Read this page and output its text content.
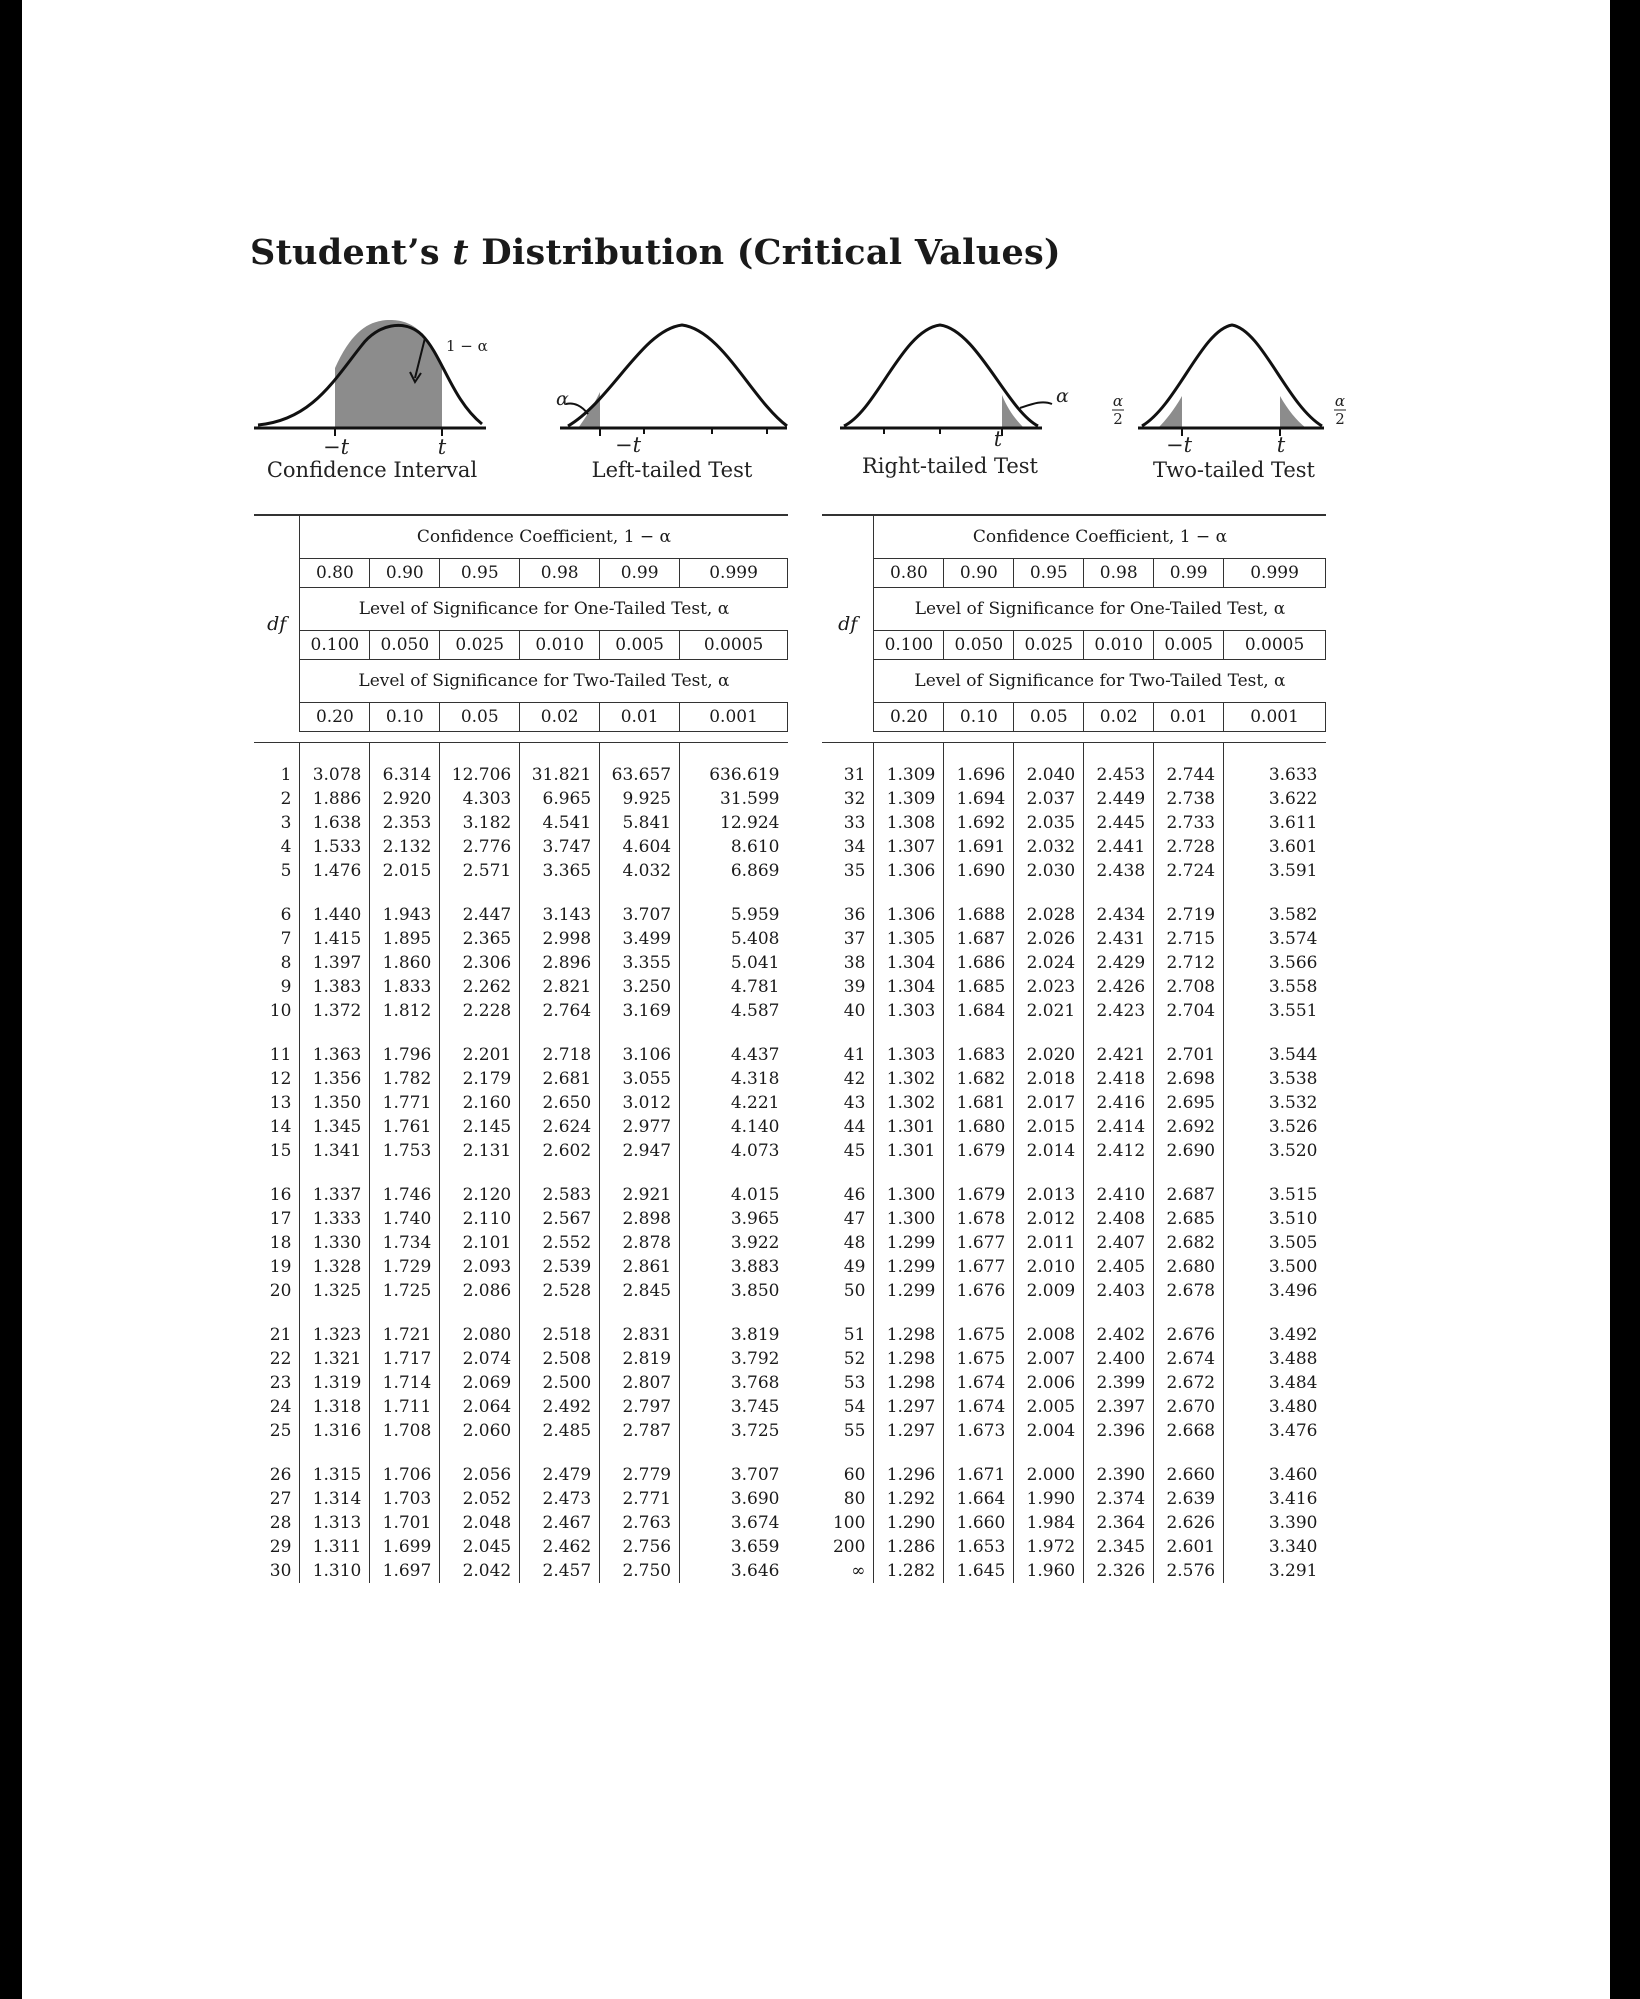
Student’s t Distribution (Critical Values)
1 − α
−t	t
Confidence Interval
α
−t
Left-tailed Test
α
t
Right-tailed Test
α
2
α
2
−t	t
Two-tailed Test
df	Confidence Coefficient, 1 − α					
	0.80	0.90	0.95	0.98	0.99	0.999
	Level of Significance for One-Tailed Test, α					
	0.100	0.050	0.025	0.010	0.005	0.0005
	Level of Significance for Two-Tailed Test, α					
	0.20	0.10	0.05	0.02	0.01	0.001

1	3.078	6.314	12.706	31.821	63.657	636.619
2	1.886	2.920	4.303	6.965	9.925	31.599
3	1.638	2.353	3.182	4.541	5.841	12.924
4	1.533	2.132	2.776	3.747	4.604	8.610
5	1.476	2.015	2.571	3.365	4.032	6.869

6	1.440	1.943	2.447	3.143	3.707	5.959
7	1.415	1.895	2.365	2.998	3.499	5.408
8	1.397	1.860	2.306	2.896	3.355	5.041
9	1.383	1.833	2.262	2.821	3.250	4.781
10	1.372	1.812	2.228	2.764	3.169	4.587

11	1.363	1.796	2.201	2.718	3.106	4.437
12	1.356	1.782	2.179	2.681	3.055	4.318
13	1.350	1.771	2.160	2.650	3.012	4.221
14	1.345	1.761	2.145	2.624	2.977	4.140
15	1.341	1.753	2.131	2.602	2.947	4.073

16	1.337	1.746	2.120	2.583	2.921	4.015
17	1.333	1.740	2.110	2.567	2.898	3.965
18	1.330	1.734	2.101	2.552	2.878	3.922
19	1.328	1.729	2.093	2.539	2.861	3.883
20	1.325	1.725	2.086	2.528	2.845	3.850

21	1.323	1.721	2.080	2.518	2.831	3.819
22	1.321	1.717	2.074	2.508	2.819	3.792
23	1.319	1.714	2.069	2.500	2.807	3.768
24	1.318	1.711	2.064	2.492	2.797	3.745
25	1.316	1.708	2.060	2.485	2.787	3.725

26	1.315	1.706	2.056	2.479	2.779	3.707
27	1.314	1.703	2.052	2.473	2.771	3.690
28	1.313	1.701	2.048	2.467	2.763	3.674
29	1.311	1.699	2.045	2.462	2.756	3.659
30	1.310	1.697	2.042	2.457	2.750	3.646
df	Confidence Coefficient, 1 − α					
	0.80	0.90	0.95	0.98	0.99	0.999
	Level of Significance for One-Tailed Test, α					
	0.100	0.050	0.025	0.010	0.005	0.0005
	Level of Significance for Two-Tailed Test, α					
	0.20	0.10	0.05	0.02	0.01	0.001

31	1.309	1.696	2.040	2.453	2.744	3.633
32	1.309	1.694	2.037	2.449	2.738	3.622
33	1.308	1.692	2.035	2.445	2.733	3.611
34	1.307	1.691	2.032	2.441	2.728	3.601
35	1.306	1.690	2.030	2.438	2.724	3.591

36	1.306	1.688	2.028	2.434	2.719	3.582
37	1.305	1.687	2.026	2.431	2.715	3.574
38	1.304	1.686	2.024	2.429	2.712	3.566
39	1.304	1.685	2.023	2.426	2.708	3.558
40	1.303	1.684	2.021	2.423	2.704	3.551

41	1.303	1.683	2.020	2.421	2.701	3.544
42	1.302	1.682	2.018	2.418	2.698	3.538
43	1.302	1.681	2.017	2.416	2.695	3.532
44	1.301	1.680	2.015	2.414	2.692	3.526
45	1.301	1.679	2.014	2.412	2.690	3.520

46	1.300	1.679	2.013	2.410	2.687	3.515
47	1.300	1.678	2.012	2.408	2.685	3.510
48	1.299	1.677	2.011	2.407	2.682	3.505
49	1.299	1.677	2.010	2.405	2.680	3.500
50	1.299	1.676	2.009	2.403	2.678	3.496

51	1.298	1.675	2.008	2.402	2.676	3.492
52	1.298	1.675	2.007	2.400	2.674	3.488
53	1.298	1.674	2.006	2.399	2.672	3.484
54	1.297	1.674	2.005	2.397	2.670	3.480
55	1.297	1.673	2.004	2.396	2.668	3.476

60	1.296	1.671	2.000	2.390	2.660	3.460
80	1.292	1.664	1.990	2.374	2.639	3.416
100	1.290	1.660	1.984	2.364	2.626	3.390
200	1.286	1.653	1.972	2.345	2.601	3.340
∞	1.282	1.645	1.960	2.326	2.576	3.291
